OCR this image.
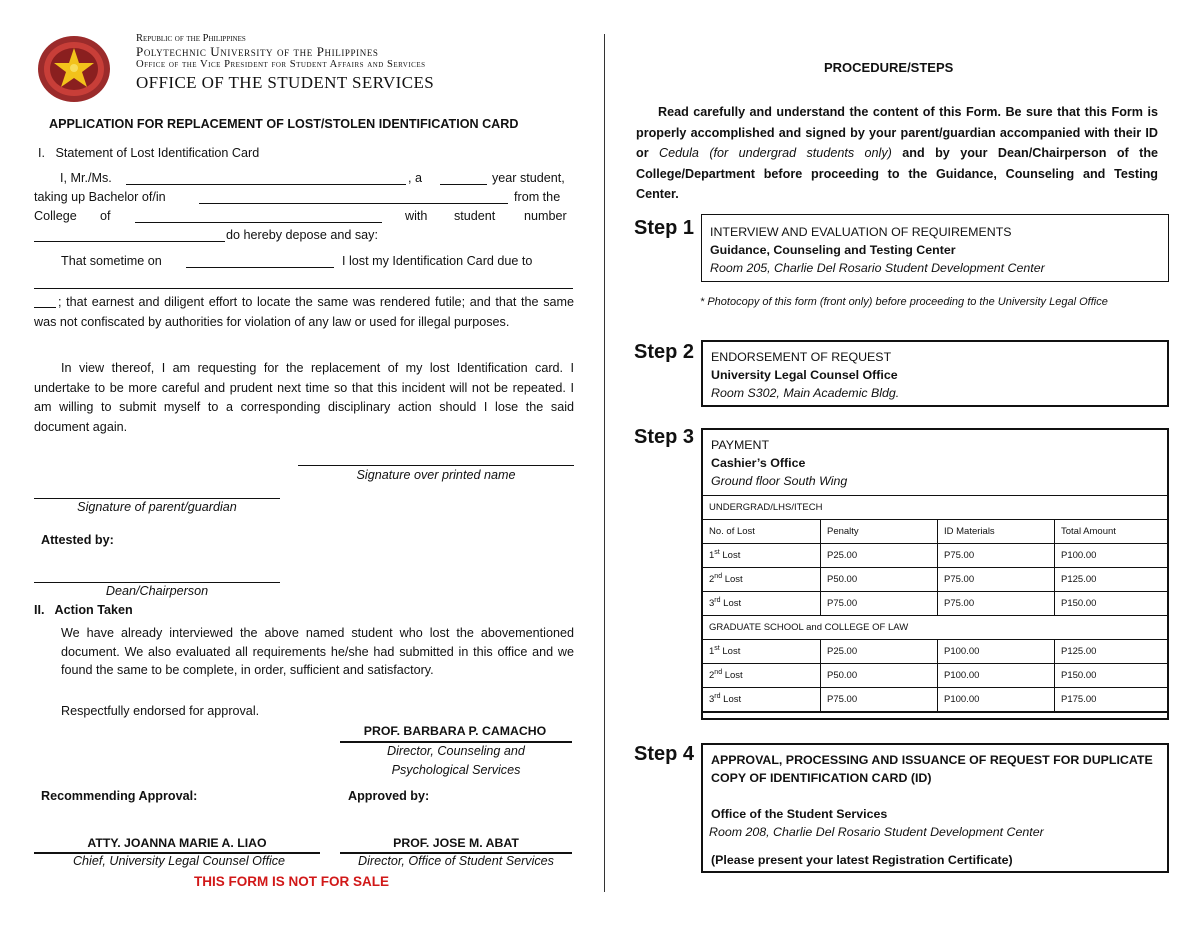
Republic of the Philippines
Polytechnic University of the Philippines
Office of the Vice President for Student Affairs and Services
OFFICE OF THE STUDENT SERVICES
APPLICATION FOR REPLACEMENT OF LOST/STOLEN IDENTIFICATION CARD
I.   Statement of Lost Identification Card
I, Mr./Ms.	, a	year student,
taking up Bachelor of/in	from the
College of	with student number
do hereby depose and say:
That sometime on	I lost my Identification Card due to
; that earnest and diligent effort to locate the same was rendered futile; and that the same was not confiscated by authorities for violation of any law or used for illegal purposes.
In view thereof, I am requesting for the replacement of my lost Identification card. I undertake to be more careful and prudent next time so that this incident will not be repeated. I am willing to submit myself to a corresponding disciplinary action should I lose the said document again.
Signature over printed name
Signature of parent/guardian
Attested by:
Dean/Chairperson
II.   Action Taken
We have already interviewed the above named student who lost the abovementioned document. We also evaluated all requirements he/she had submitted in this office and we found the same to be complete, in order, sufficient and satisfactory.
Respectfully endorsed for approval.
PROF. BARBARA P. CAMACHO
Director, Counseling and
Psychological Services
Recommending Approval:	Approved by:
ATTY. JOANNA MARIE A. LIAO
Chief, University Legal Counsel Office
PROF. JOSE M. ABAT
Director, Office of Student Services
THIS FORM IS NOT FOR SALE
PROCEDURE/STEPS
Read carefully and understand the content of this Form. Be sure that this Form is properly accomplished and signed by your parent/guardian accompanied with their ID or Cedula (for undergrad students only) and by your Dean/Chairperson of the College/Department before proceeding to the Guidance, Counseling and Testing Center.
Step 1 INTERVIEW AND EVALUATION OF REQUIREMENTS
Guidance, Counseling and Testing Center
Room 205, Charlie Del Rosario Student Development Center
* Photocopy of this form (front only) before proceeding to the University Legal Office
Step 2 ENDORSEMENT OF REQUEST
University Legal Counsel Office
Room S302, Main Academic Bldg.
Step 3 PAYMENT
Cashier’s Office
Ground floor South Wing
UNDERGRAD/LHS/ITECH			
No. of Lost	Penalty	ID Materials	Total Amount
1st Lost	P25.00	P75.00	P100.00
2nd Lost	P50.00	P75.00	P125.00
3rd Lost	P75.00	P75.00	P150.00
GRADUATE SCHOOL and COLLEGE OF LAW			
1st Lost	P25.00	P100.00	P125.00
2nd Lost	P50.00	P100.00	P150.00
3rd Lost	P75.00	P100.00	P175.00
Step 4 APPROVAL, PROCESSING AND ISSUANCE OF REQUEST FOR DUPLICATE COPY OF IDENTIFICATION CARD (ID)
Office of the Student Services
Room 208, Charlie Del Rosario Student Development Center
(Please present your latest Registration Certificate)
